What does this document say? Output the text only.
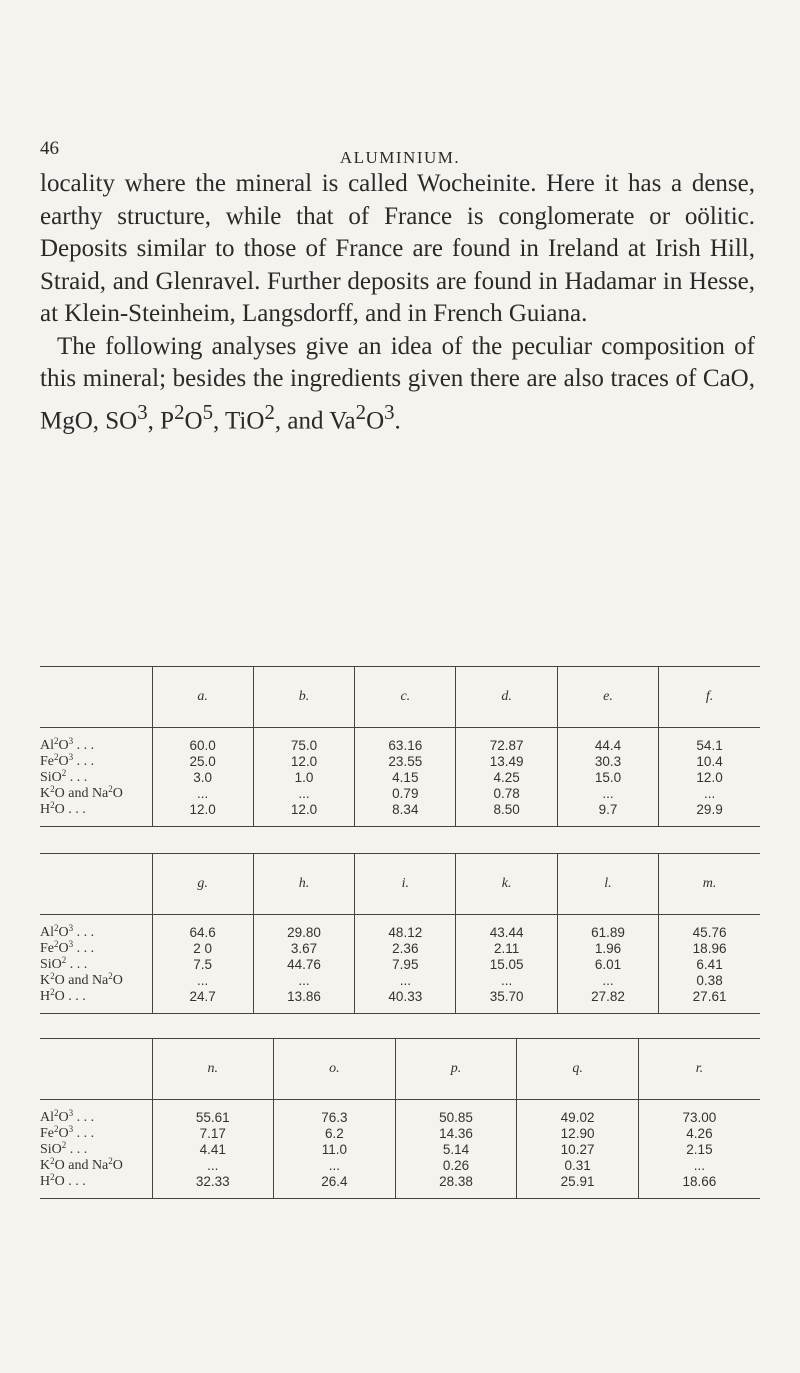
46	ALUMINIUM.

locality where the mineral is called Wocheinite. Here it has a dense, earthy structure, while that of France is conglomerate or oölitic. Deposits similar to those of France are found in Ireland at Irish Hill, Straid, and Glenravel. Further deposits are found in Hadamar in Hesse, at Klein-Steinheim, Langsdorff, and in French Guiana.

The following analyses give an idea of the peculiar composition of this mineral; besides the ingredients given there are also traces of CaO, MgO, $SO^3$, $P^2O^5$, TiO$^2$, and $Va^2O^3$.

	a.	b.	c.	d.	e.	f.
$Al^2O^3$ . . .	60.0	75.0	63.16	72.87	44.4	54.1
$Fe^2O^3$ . . .	25.0	12.0	23.55	13.49	30.3	10.4
SiO$^2$ . . .	3.0	1.0	4.15	4.25	15.0	12.0
$K^2O$ and Na$^2$O	...	...	0.79	0.78	...	...
$H^2O$ . . .	12.0	12.0	8.34	8.50	9.7	29.9
	g.	h.	i.	k.	l.	m.
$Al^2O^3$ . . .	64.6	29.80	48.12	43.44	61.89	45.76
$Fe^2O^3$ . . .	2 0	3.67	2.36	2.11	1.96	18.96
SiO$^2$ . . .	7.5	44.76	7.95	15.05	6.01	6.41
$K^2O$ and Na$^2$O	...	...	...	...	...	0.38
$H^2O$ . . .	24.7	13.86	40.33	35.70	27.82	27.61
	n.	o.	p.	q.	r.
$Al^2O^3$ . . .	55.61	76.3	50.85	49.02	73.00
$Fe^2O^3$ . . .	7.17	6.2	14.36	12.90	4.26
SiO$^2$ . . .	4.41	11.0	5.14	10.27	2.15
$K^2O$ and Na$^2$O	...	...	0.26	0.31	...
$H^2O$ . . .	32.33	26.4	28.38	25.91	18.66
